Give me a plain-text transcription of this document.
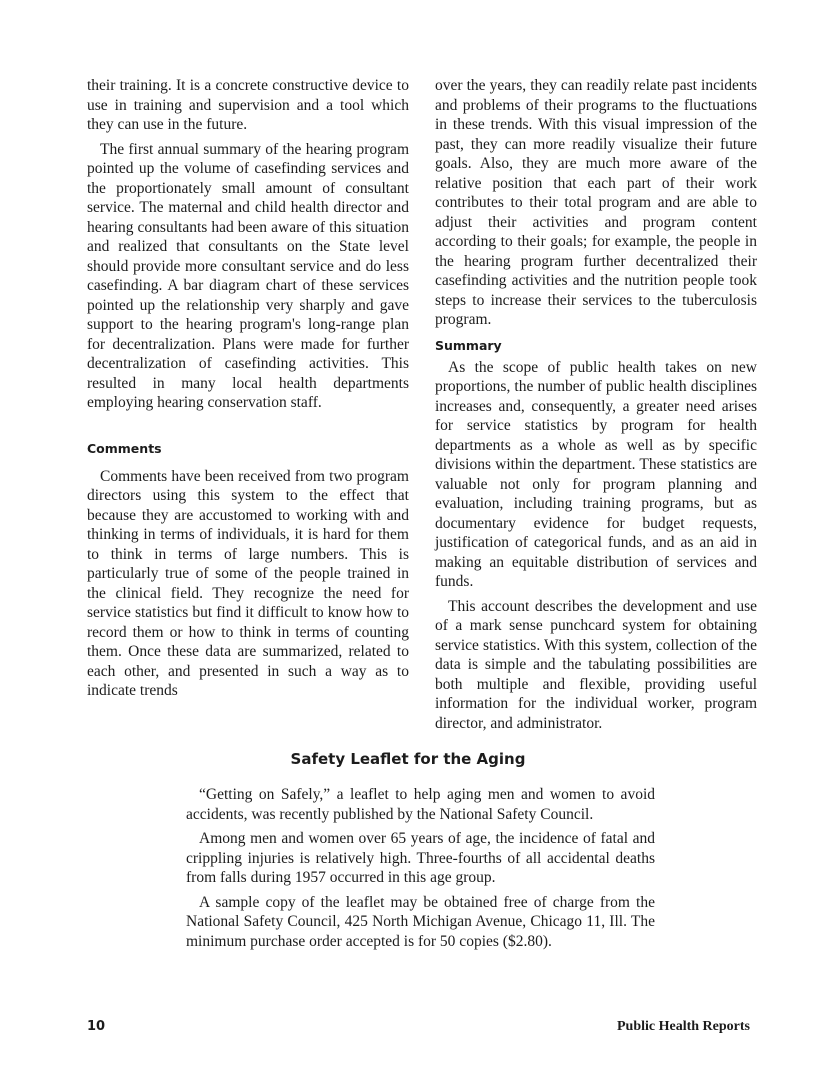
their training. It is a concrete constructive device to use in training and supervision and a tool which they can use in the future.

The first annual summary of the hearing program pointed up the volume of casefinding services and the proportionately small amount of consultant service. The maternal and child health director and hearing consultants had been aware of this situation and realized that consultants on the State level should provide more consultant service and do less casefinding. A bar diagram chart of these services pointed up the relationship very sharply and gave support to the hearing program's long-range plan for decentralization. Plans were made for further decentralization of casefinding activities. This resulted in many local health departments employing hearing conservation staff.

Comments

Comments have been received from two program directors using this system to the effect that because they are accustomed to working with and thinking in terms of individuals, it is hard for them to think in terms of large numbers. This is particularly true of some of the people trained in the clinical field. They recognize the need for service statistics but find it difficult to know how to record them or how to think in terms of counting them. Once these data are summarized, related to each other, and presented in such a way as to indicate trends

over the years, they can readily relate past incidents and problems of their programs to the fluctuations in these trends. With this visual impression of the past, they can more readily visualize their future goals. Also, they are much more aware of the relative position that each part of their work contributes to their total program and are able to adjust their activities and program content according to their goals; for example, the people in the hearing program further decentralized their casefinding activities and the nutrition people took steps to increase their services to the tuberculosis program.

Summary

As the scope of public health takes on new proportions, the number of public health disciplines increases and, consequently, a greater need arises for service statistics by program for health departments as a whole as well as by specific divisions within the department. These statistics are valuable not only for program planning and evaluation, including training programs, but as documentary evidence for budget requests, justification of categorical funds, and as an aid in making an equitable distribution of services and funds.

This account describes the development and use of a mark sense punchcard system for obtaining service statistics. With this system, collection of the data is simple and the tabulating possibilities are both multiple and flexible, providing useful information for the individual worker, program director, and administrator.

Safety Leaflet for the Aging

“Getting on Safely,” a leaflet to help aging men and women to avoid accidents, was recently published by the National Safety Council.

Among men and women over 65 years of age, the incidence of fatal and crippling injuries is relatively high. Three-fourths of all accidental deaths from falls during 1957 occurred in this age group.

A sample copy of the leaflet may be obtained free of charge from the National Safety Council, 425 North Michigan Avenue, Chicago 11, Ill. The minimum purchase order accepted is for 50 copies ($2.80).

10	Public Health Reports
